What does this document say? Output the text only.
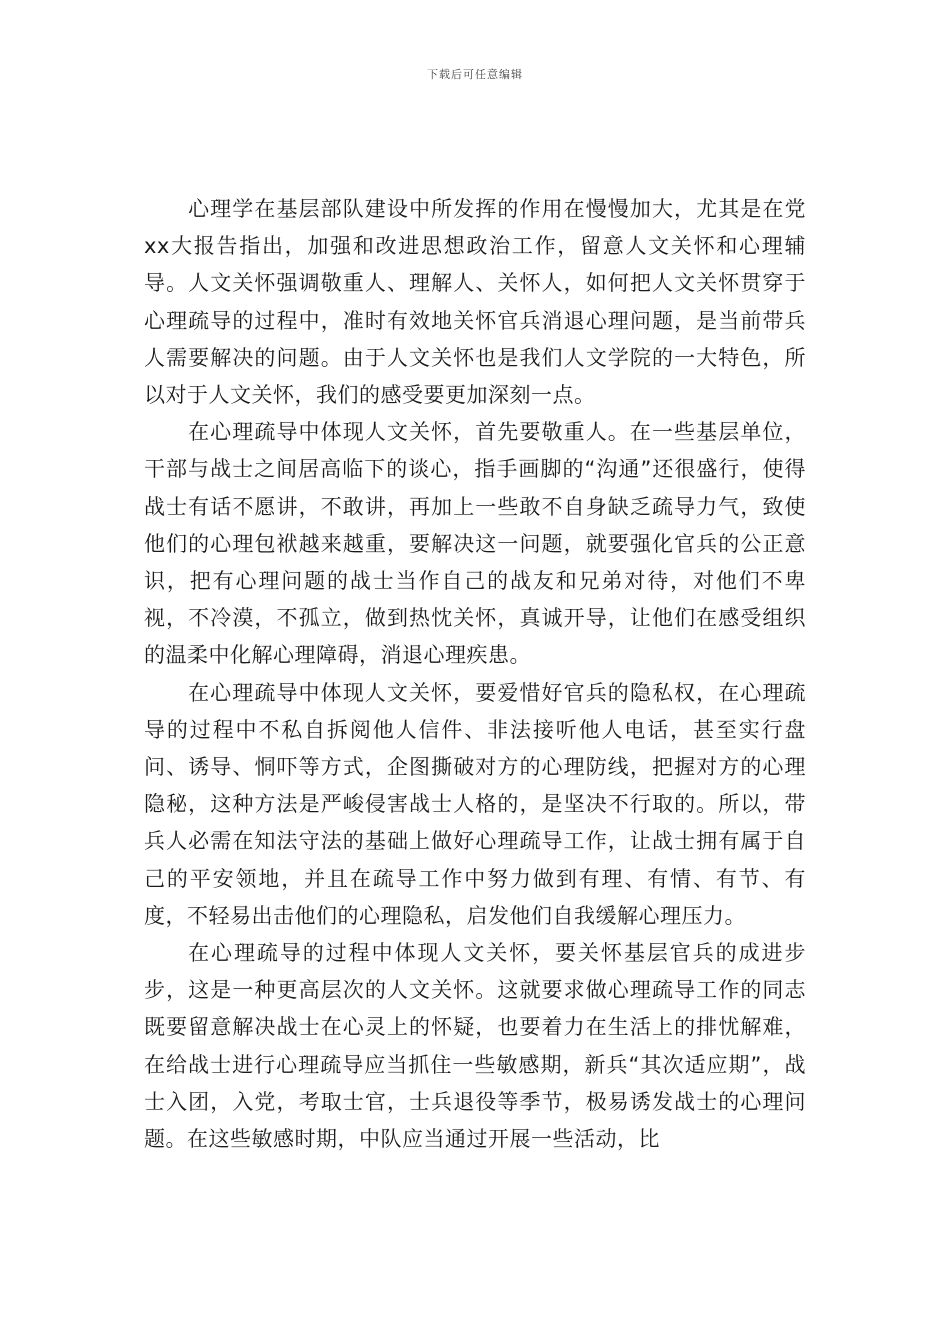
下载后可任意编辑

心理学在基层部队建设中所发挥的作用在慢慢加大，尤其是在党xx大报告指出，加强和改进思想政治工作，留意人文关怀和心理辅导。人文关怀强调敬重人、理解人、关怀人，如何把人文关怀贯穿于心理疏导的过程中，准时有效地关怀官兵消退心理问题，是当前带兵人需要解决的问题。由于人文关怀也是我们人文学院的一大特色，所以对于人文关怀，我们的感受要更加深刻一点。

在心理疏导中体现人文关怀，首先要敬重人。在一些基层单位，干部与战士之间居高临下的谈心，指手画脚的“沟通”还很盛行，使得战士有话不愿讲，不敢讲，再加上一些敢不自身缺乏疏导力气，致使他们的心理包袱越来越重，要解决这一问题，就要强化官兵的公正意识，把有心理问题的战士当作自己的战友和兄弟对待，对他们不卑视，不冷漠，不孤立，做到热忱关怀，真诚开导，让他们在感受组织的温柔中化解心理障碍，消退心理疾患。

在心理疏导中体现人文关怀，要爱惜好官兵的隐私权，在心理疏导的过程中不私自拆阅他人信件、非法接听他人电话，甚至实行盘问、诱导、恫吓等方式，企图撕破对方的心理防线，把握对方的心理隐秘，这种方法是严峻侵害战士人格的，是坚决不行取的。所以，带兵人必需在知法守法的基础上做好心理疏导工作，让战士拥有属于自己的平安领地，并且在疏导工作中努力做到有理、有情、有节、有度，不轻易出击他们的心理隐私，启发他们自我缓解心理压力。

在心理疏导的过程中体现人文关怀，要关怀基层官兵的成进步步，这是一种更高层次的人文关怀。这就要求做心理疏导工作的同志既要留意解决战士在心灵上的怀疑，也要着力在生活上的排忧解难，在给战士进行心理疏导应当抓住一些敏感期，新兵“其次适应期”，战士入团，入党，考取士官，士兵退役等季节，极易诱发战士的心理问题。在这些敏感时期，中队应当通过开展一些活动，比
